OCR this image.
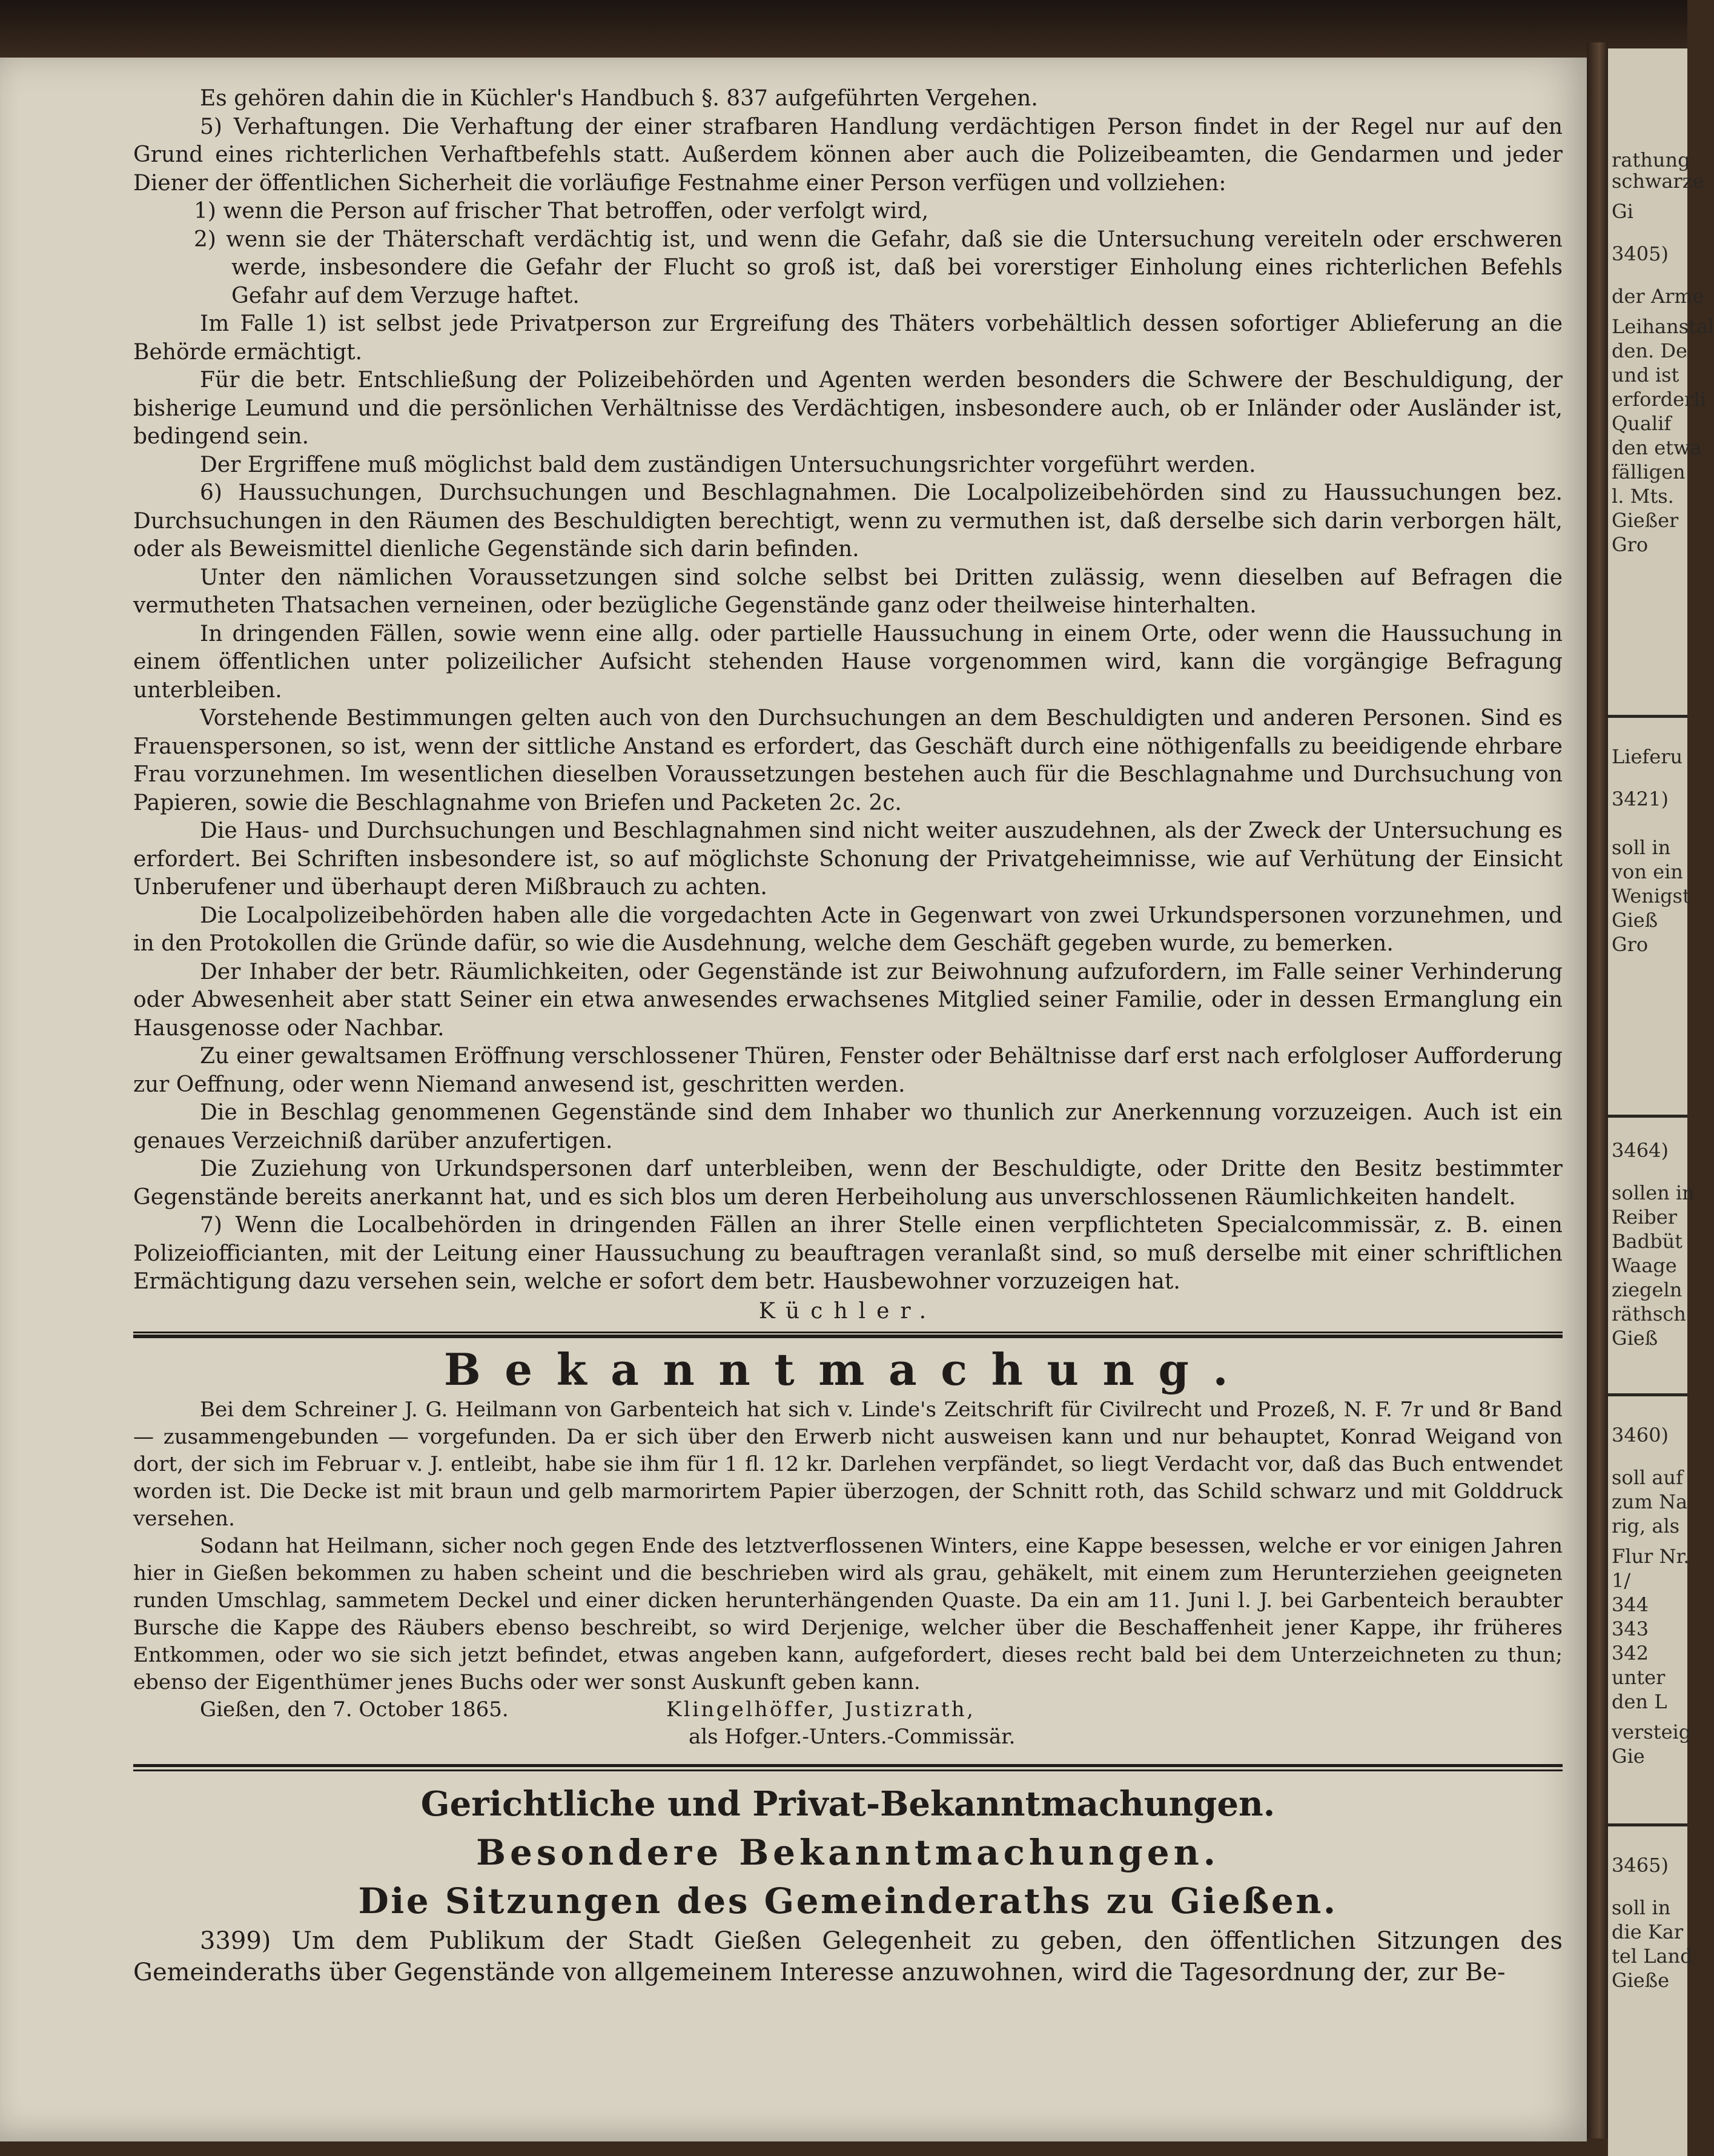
Es gehören dahin die in Küchler's Handbuch §. 837 aufgeführten Vergehen.

5) Verhaftungen. Die Verhaftung der einer strafbaren Handlung verdächtigen Person findet in der Regel nur auf den Grund eines richterlichen Verhaftbefehls statt. Außerdem können aber auch die Polizeibeamten, die Gendarmen und jeder Diener der öffentlichen Sicherheit die vorläufige Festnahme einer Person verfügen und vollziehen:

1) wenn die Person auf frischer That betroffen, oder verfolgt wird,

2) wenn sie der Thäterschaft verdächtig ist, und wenn die Gefahr, daß sie die Untersuchung vereiteln oder erschweren werde, insbesondere die Gefahr der Flucht so groß ist, daß bei vorerstiger Einholung eines richterlichen Befehls Gefahr auf dem Verzuge haftet.

Im Falle 1) ist selbst jede Privatperson zur Ergreifung des Thäters vorbehältlich dessen sofortiger Ablieferung an die Behörde ermächtigt.

Für die betr. Entschließung der Polizeibehörden und Agenten werden besonders die Schwere der Beschuldigung, der bisherige Leumund und die persönlichen Verhältnisse des Verdächtigen, insbesondere auch, ob er Inländer oder Ausländer ist, bedingend sein.

Der Ergriffene muß möglichst bald dem zuständigen Untersuchungsrichter vorgeführt werden.

6) Haussuchungen, Durchsuchungen und Beschlagnahmen. Die Localpolizeibehörden sind zu Haussuchungen bez. Durchsuchungen in den Räumen des Beschuldigten berechtigt, wenn zu vermuthen ist, daß derselbe sich darin verborgen hält, oder als Beweismittel dienliche Gegenstände sich darin befinden.

Unter den nämlichen Voraussetzungen sind solche selbst bei Dritten zulässig, wenn dieselben auf Befragen die vermutheten Thatsachen verneinen, oder bezügliche Gegenstände ganz oder theilweise hinterhalten.

In dringenden Fällen, sowie wenn eine allg. oder partielle Haussuchung in einem Orte, oder wenn die Haussuchung in einem öffentlichen unter polizeilicher Aufsicht stehenden Hause vorgenommen wird, kann die vorgängige Befragung unterbleiben.

Vorstehende Bestimmungen gelten auch von den Durchsuchungen an dem Beschuldigten und anderen Personen. Sind es Frauenspersonen, so ist, wenn der sittliche Anstand es erfordert, das Geschäft durch eine nöthigenfalls zu beeidigende ehrbare Frau vorzunehmen. Im wesentlichen dieselben Voraussetzungen bestehen auch für die Beschlagnahme und Durchsuchung von Papieren, sowie die Beschlagnahme von Briefen und Packeten 2c. 2c.

Die Haus- und Durchsuchungen und Beschlagnahmen sind nicht weiter auszudehnen, als der Zweck der Untersuchung es erfordert. Bei Schriften insbesondere ist, so auf möglichste Schonung der Privatgeheimnisse, wie auf Verhütung der Einsicht Unberufener und überhaupt deren Mißbrauch zu achten.

Die Localpolizeibehörden haben alle die vorgedachten Acte in Gegenwart von zwei Urkundspersonen vorzunehmen, und in den Protokollen die Gründe dafür, so wie die Ausdehnung, welche dem Geschäft gegeben wurde, zu bemerken.

Der Inhaber der betr. Räumlichkeiten, oder Gegenstände ist zur Beiwohnung aufzufordern, im Falle seiner Verhinderung oder Abwesenheit aber statt Seiner ein etwa anwesendes erwachsenes Mitglied seiner Familie, oder in dessen Ermanglung ein Hausgenosse oder Nachbar.

Zu einer gewaltsamen Eröffnung verschlossener Thüren, Fenster oder Behältnisse darf erst nach erfolgloser Aufforderung zur Oeffnung, oder wenn Niemand anwesend ist, geschritten werden.

Die in Beschlag genommenen Gegenstände sind dem Inhaber wo thunlich zur Anerkennung vorzuzeigen. Auch ist ein genaues Verzeichniß darüber anzufertigen.

Die Zuziehung von Urkundspersonen darf unterbleiben, wenn der Beschuldigte, oder Dritte den Besitz bestimmter Gegenstände bereits anerkannt hat, und es sich blos um deren Herbeiholung aus unverschlossenen Räumlichkeiten handelt.

7) Wenn die Localbehörden in dringenden Fällen an ihrer Stelle einen verpflichteten Specialcommissär, z. B. einen Polizeiofficianten, mit der Leitung einer Haussuchung zu beauftragen veranlaßt sind, so muß derselbe mit einer schriftlichen Ermächtigung dazu versehen sein, welche er sofort dem betr. Hausbewohner vorzuzeigen hat.

Küchler.

Bekanntmachung.

Bei dem Schreiner J. G. Heilmann von Garbenteich hat sich v. Linde's Zeitschrift für Civilrecht und Prozeß, N. F. 7r und 8r Band — zusammengebunden — vorgefunden. Da er sich über den Erwerb nicht ausweisen kann und nur behauptet, Konrad Weigand von dort, der sich im Februar v. J. entleibt, habe sie ihm für 1 fl. 12 kr. Darlehen verpfändet, so liegt Verdacht vor, daß das Buch entwendet worden ist. Die Decke ist mit braun und gelb marmorirtem Papier überzogen, der Schnitt roth, das Schild schwarz und mit Golddruck versehen.

Sodann hat Heilmann, sicher noch gegen Ende des letztverflossenen Winters, eine Kappe besessen, welche er vor einigen Jahren hier in Gießen bekommen zu haben scheint und die beschrieben wird als grau, gehäkelt, mit einem zum Herunterziehen geeigneten runden Umschlag, sammetem Deckel und einer dicken herunterhängenden Quaste. Da ein am 11. Juni l. J. bei Garbenteich beraubter Bursche die Kappe des Räubers ebenso beschreibt, so wird Derjenige, welcher über die Beschaffenheit jener Kappe, ihr früheres Entkommen, oder wo sie sich jetzt befindet, etwas angeben kann, aufgefordert, dieses recht bald bei dem Unterzeichneten zu thun; ebenso der Eigenthümer jenes Buchs oder wer sonst Auskunft geben kann.

Gießen, den 7. October 1865.	Klingelhöffer, Justizrath,

als Hofger.-Unters.-Commissär.

Gerichtliche und Privat-Bekanntmachungen.

Besondere Bekanntmachungen.

Die Sitzungen des Gemeinderaths zu Gießen.

3399) Um dem Publikum der Stadt Gießen Gelegenheit zu geben, den öffentlichen Sitzungen des Gemeinderaths über Gegenstände von allgemeinem Interesse anzuwohnen, wird die Tagesordnung der, zur Be-

rathung
schwarze
Gi
3405)
der Arme
Leihanstal
den. De
und ist
erforderli
Qualif
den etwa
fälligen
l. Mts.
Gießer
Gro
Lieferu
3421)
soll in
von ein
Wenigst
Gieß
Gro
3464)
sollen in
Reiber
Badbüt
Waage
ziegeln
räthsch
Gieß
3460)
soll auf
zum Na
rig, als
Flur Nr.
1/
344
343
342
unter
den L
versteig
Gie
3465)
soll in
die Kar
tel Land
Gieße
